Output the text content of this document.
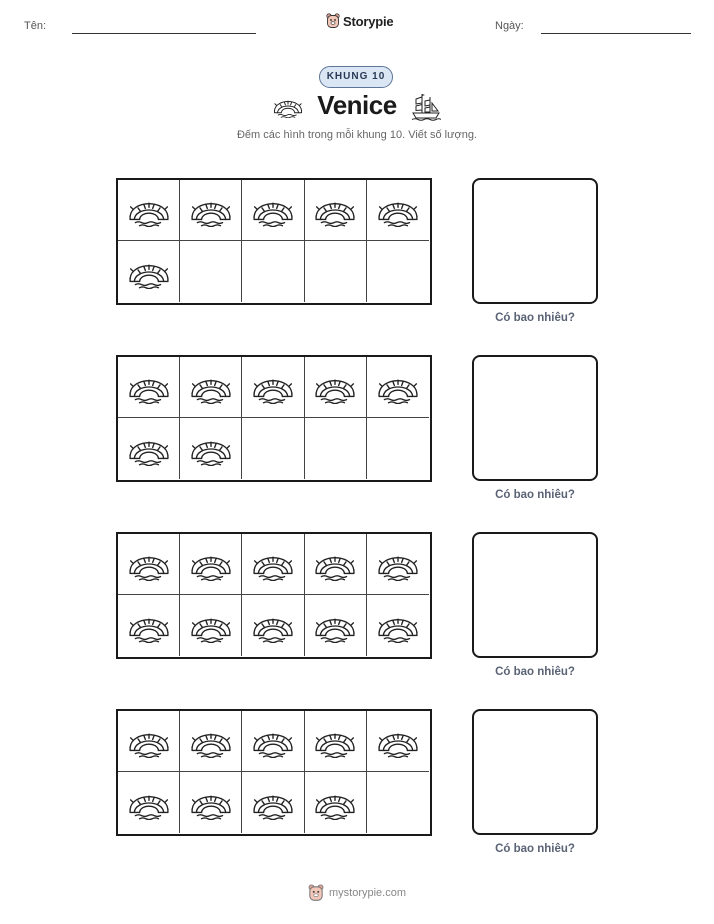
Tên:	Storypie	Ngày:
KHUNG 10
Venice
Đếm các hình trong mỗi khung 10. Viết số lượng.
Có bao nhiêu?
Có bao nhiêu?
Có bao nhiêu?
Có bao nhiêu?
mystorypie.com
